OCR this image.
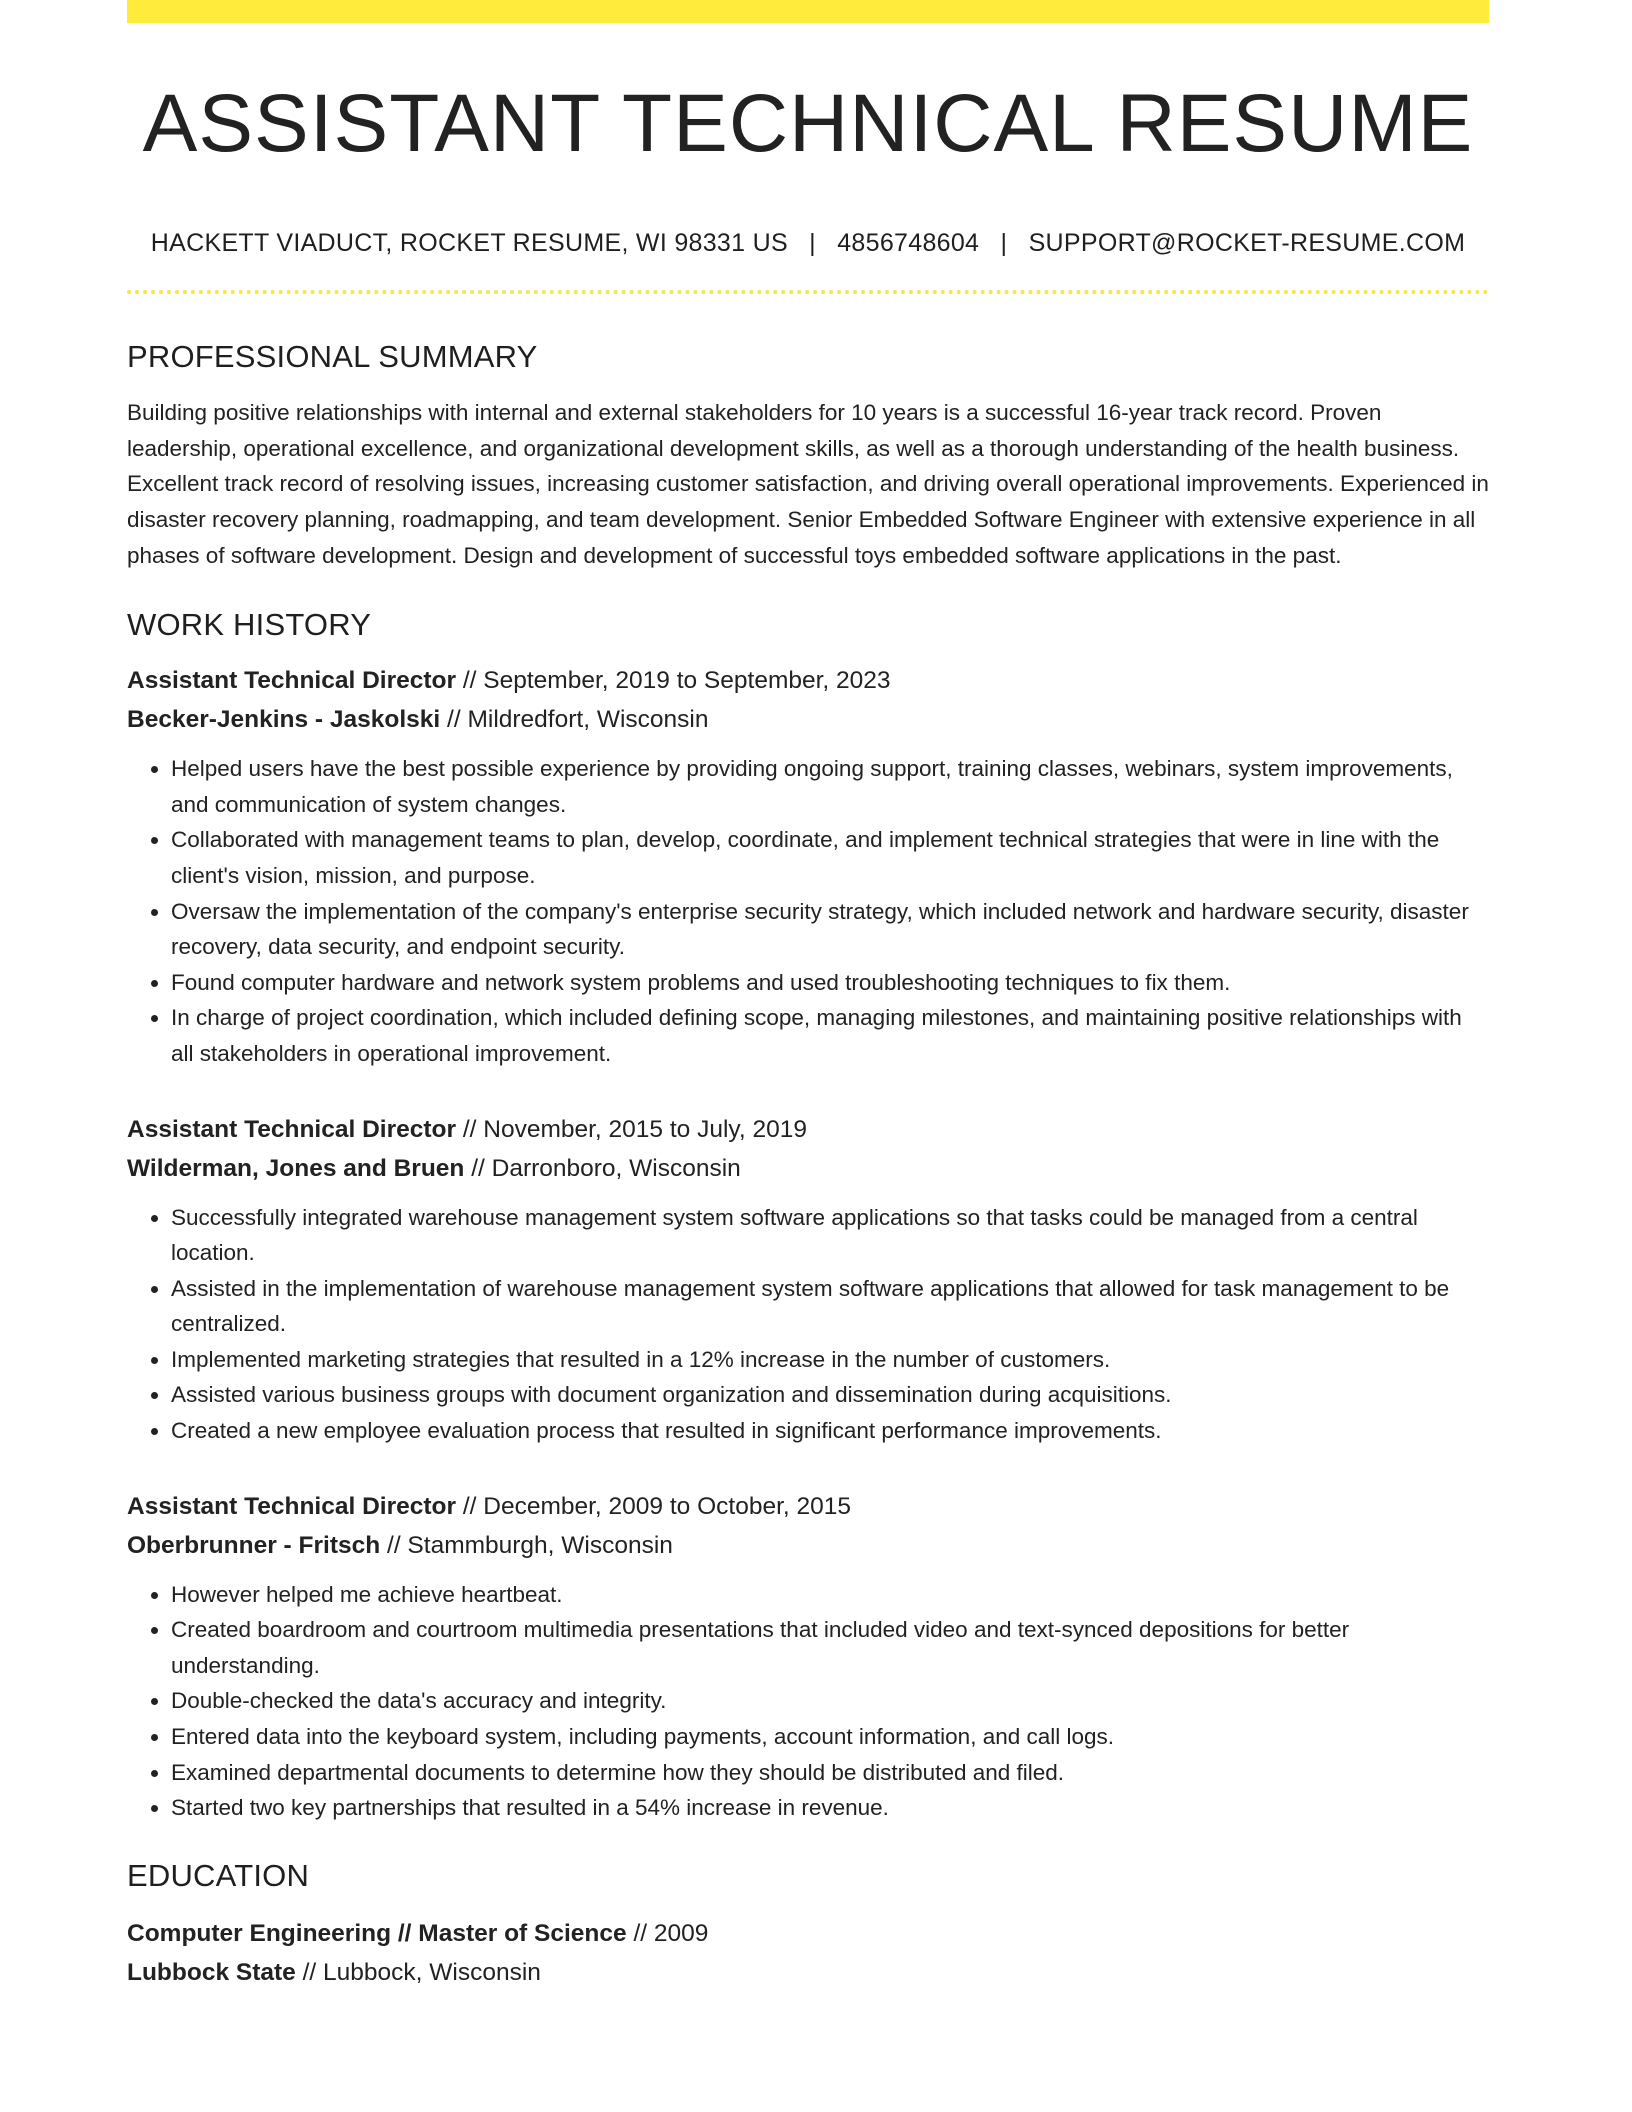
ASSISTANT TECHNICAL RESUME
HACKETT VIADUCT, ROCKET RESUME, WI 98331 US | 4856748604 | SUPPORT@ROCKET-RESUME.COM
PROFESSIONAL SUMMARY

Building positive relationships with internal and external stakeholders for 10 years is a successful 16-year track record. Proven leadership, operational excellence, and organizational development skills, as well as a thorough understanding of the health business. Excellent track record of resolving issues, increasing customer satisfaction, and driving overall operational improvements. Experienced in disaster recovery planning, roadmapping, and team development. Senior Embedded Software Engineer with extensive experience in all phases of software development. Design and development of successful toys embedded software applications in the past.

WORK HISTORY
Assistant Technical Director // September, 2019 to September, 2023
Becker-Jenkins - Jaskolski // Mildredfort, Wisconsin
• Helped users have the best possible experience by providing ongoing support, training classes, webinars, system improvements, and communication of system changes.
• Collaborated with management teams to plan, develop, coordinate, and implement technical strategies that were in line with the client's vision, mission, and purpose.
• Oversaw the implementation of the company's enterprise security strategy, which included network and hardware security, disaster recovery, data security, and endpoint security.
• Found computer hardware and network system problems and used troubleshooting techniques to fix them.
• In charge of project coordination, which included defining scope, managing milestones, and maintaining positive relationships with all stakeholders in operational improvement.
Assistant Technical Director // November, 2015 to July, 2019
Wilderman, Jones and Bruen // Darronboro, Wisconsin
• Successfully integrated warehouse management system software applications so that tasks could be managed from a central location.
• Assisted in the implementation of warehouse management system software applications that allowed for task management to be centralized.
• Implemented marketing strategies that resulted in a 12% increase in the number of customers.
• Assisted various business groups with document organization and dissemination during acquisitions.
• Created a new employee evaluation process that resulted in significant performance improvements.
Assistant Technical Director // December, 2009 to October, 2015
Oberbrunner - Fritsch // Stammburgh, Wisconsin
• However helped me achieve heartbeat.
• Created boardroom and courtroom multimedia presentations that included video and text-synced depositions for better understanding.
• Double-checked the data's accuracy and integrity.
• Entered data into the keyboard system, including payments, account information, and call logs.
• Examined departmental documents to determine how they should be distributed and filed.
• Started two key partnerships that resulted in a 54% increase in revenue.
EDUCATION
Computer Engineering // Master of Science // 2009
Lubbock State // Lubbock, Wisconsin
